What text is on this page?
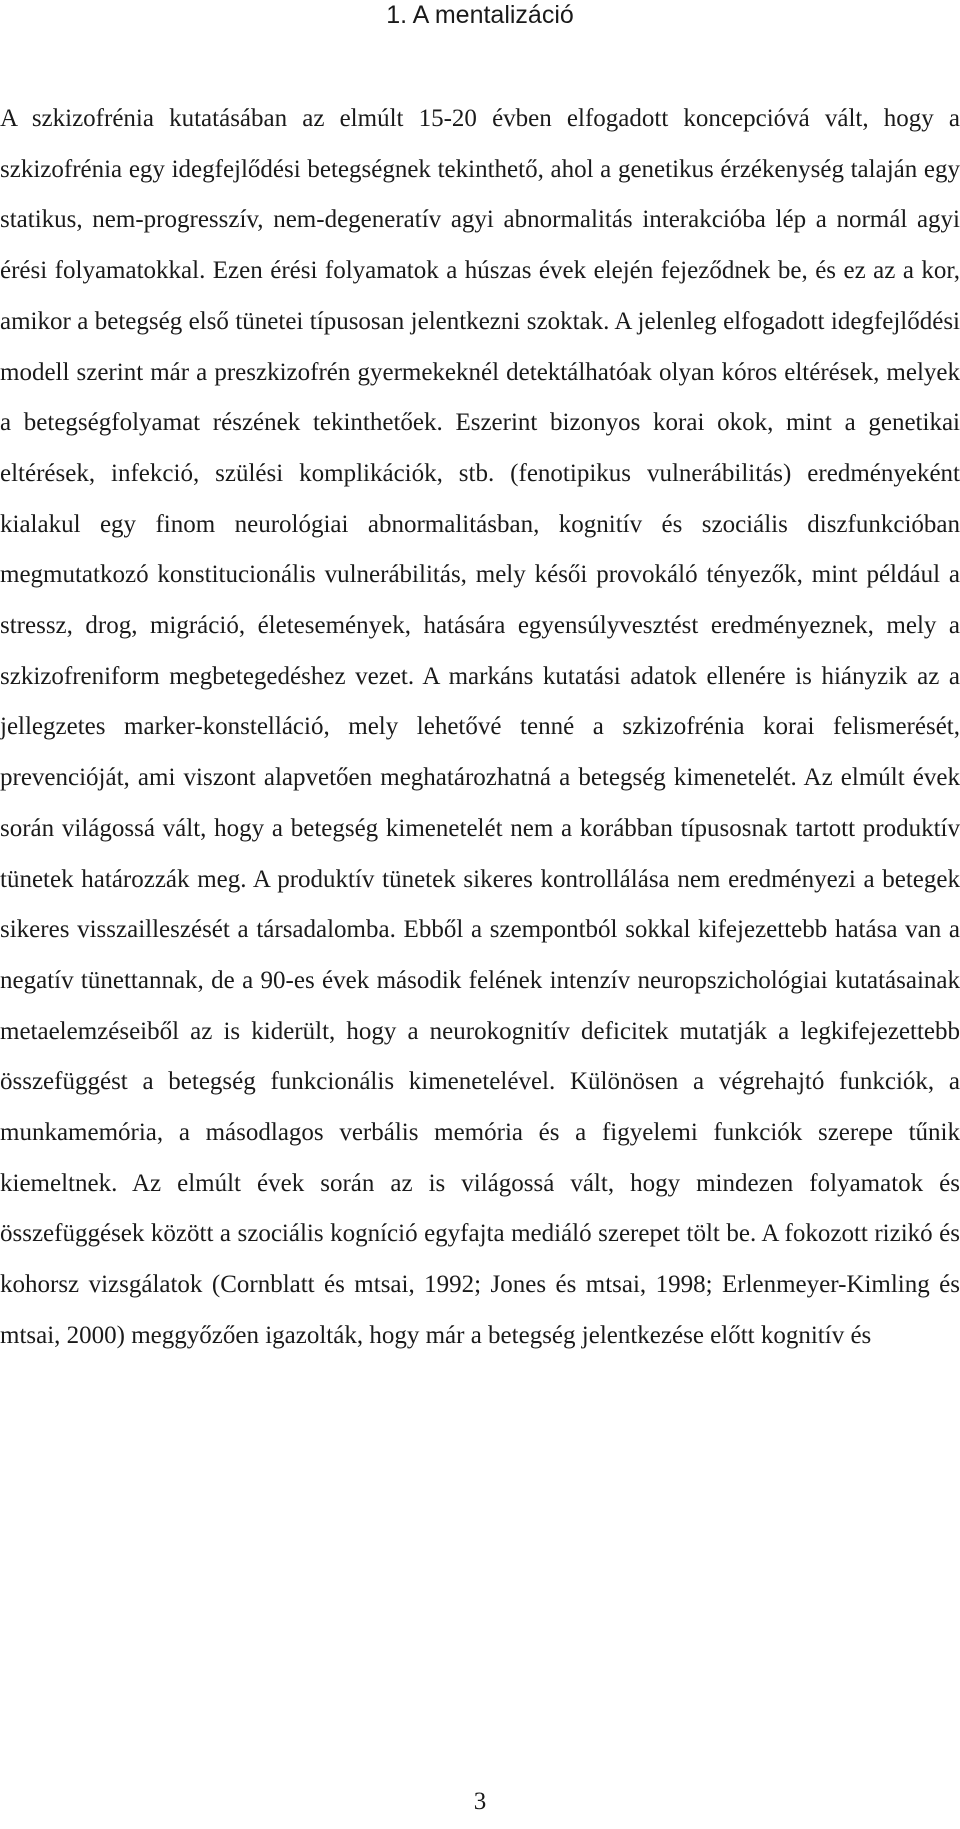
1. A mentalizáció

A szkizofrénia kutatásában az elmúlt 15-20 évben elfogadott koncepcióvá vált, hogy a szkizofrénia egy idegfejlődési betegségnek tekinthető, ahol a genetikus érzékenység talaján egy statikus, nem-progresszív, nem-degeneratív agyi abnormalitás interakcióba lép a normál agyi érési folyamatokkal. Ezen érési folyamatok a húszas évek elején fejeződnek be, és ez az a kor, amikor a betegség első tünetei típusosan jelentkezni szoktak. A jelenleg elfogadott idegfejlődési modell szerint már a preszkizofrén gyermekeknél detektálhatóak olyan kóros eltérések, melyek a betegségfolyamat részének tekinthetőek. Eszerint bizonyos korai okok, mint a genetikai eltérések, infekció, szülési komplikációk, stb. (fenotipikus vulnerábilitás) eredményeként kialakul egy finom neurológiai abnormalitásban, kognitív és szociális diszfunkcióban megmutatkozó konstitucionális vulnerábilitás, mely késői provokáló tényezők, mint például a stressz, drog, migráció, életesemények, hatására egyensúlyvesztést eredményeznek, mely a szkizofreniform megbetegedéshez vezet. A markáns kutatási adatok ellenére is hiányzik az a jellegzetes marker-konstelláció, mely lehetővé tenné a szkizofrénia korai felismerését, prevencióját, ami viszont alapvetően meghatározhatná a betegség kimenetelét. Az elmúlt évek során világossá vált, hogy a betegség kimenetelét nem a korábban típusosnak tartott produktív tünetek határozzák meg. A produktív tünetek sikeres kontrollálása nem eredményezi a betegek sikeres visszailleszését a társadalomba. Ebből a szempontból sokkal kifejezettebb hatása van a negatív tünettannak, de a 90-es évek második felének intenzív neuropszichológiai kutatásainak metaelemzéseiből az is kiderült, hogy a neurokognitív deficitek mutatják a legkifejezettebb összefüggést a betegség funkcionális kimenetelével. Különösen a végrehajtó funkciók, a munkamemória, a másodlagos verbális memória és a figyelemi funkciók szerepe tűnik kiemeltnek. Az elmúlt évek során az is világossá vált, hogy mindezen folyamatok és összefüggések között a szociális kogníció egyfajta mediáló szerepet tölt be. A fokozott rizikó és kohorsz vizsgálatok (Cornblatt és mtsai, 1992; Jones és mtsai, 1998; Erlenmeyer-Kimling és mtsai, 2000) meggyőzően igazolták, hogy már a betegség jelentkezése előtt kognitív és

3
